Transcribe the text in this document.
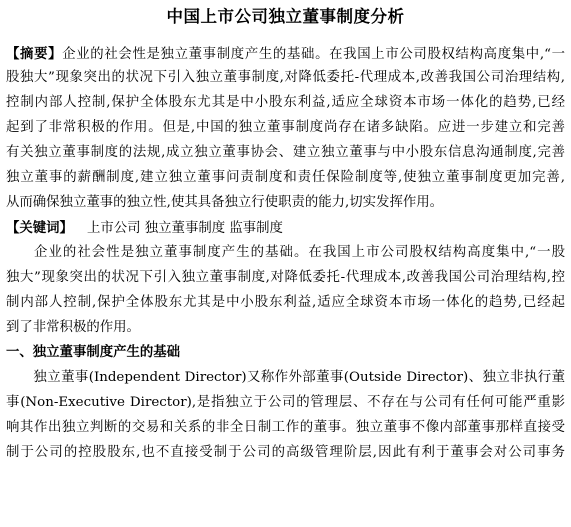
中国上市公司独立董事制度分析
【摘要】企业的社会性是独立董事制度产生的基础。在我国上市公司股权结构高度集中,“一
股独大”现象突出的状况下引入独立董事制度,对降低委托-代理成本,改善我国公司治理结构,
控制内部人控制,保护全体股东尤其是中小股东利益,适应全球资本市场一体化的趋势,已经
起到了非常积极的作用。但是,中国的独立董事制度尚存在诸多缺陷。应进一步建立和完善
有关独立董事制度的法规,成立独立董事协会、建立独立董事与中小股东信息沟通制度,完善
独立董事的薪酬制度,建立独立董事问责制度和责任保险制度等,使独立董事制度更加完善,
从而确保独立董事的独立性,使其具备独立行使职责的能力,切实发挥作用。
【关键词】 上市公司 独立董事制度 监事制度
企业的社会性是独立董事制度产生的基础。在我国上市公司股权结构高度集中,“一股
独大”现象突出的状况下引入独立董事制度,对降低委托-代理成本,改善我国公司治理结构,控
制内部人控制,保护全体股东尤其是中小股东利益,适应全球资本市场一体化的趋势,已经起
到了非常积极的作用。
一、独立董事制度产生的基础
独立董事(Independent Director)又称作外部董事(Outside Director)、独立非执行董
事(Non-Executive Director),是指独立于公司的管理层、不存在与公司有任何可能严重影
响其作出独立判断的交易和关系的非全日制工作的董事。独立董事不像内部董事那样直接受
制于公司的控股股东,也不直接受制于公司的高级管理阶层,因此有利于董事会对公司事务
